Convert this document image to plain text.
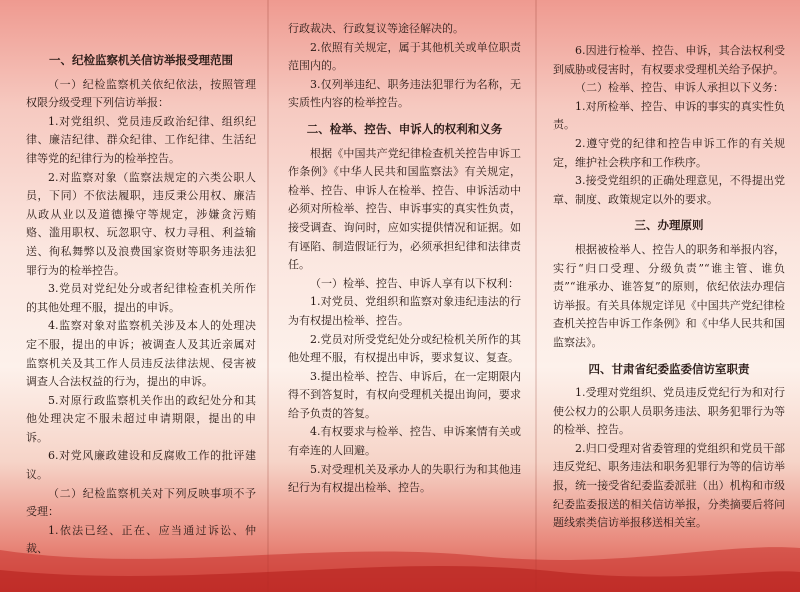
一、纪检监察机关信访举报受理范围

（一）纪检监察机关依纪依法，按照管理权限分级受理下列信访举报：

1.对党组织、党员违反政治纪律、组织纪律、廉洁纪律、群众纪律、工作纪律、生活纪律等党的纪律行为的检举控告。

2.对监察对象（监察法规定的六类公职人员，下同）不依法履职，违反秉公用权、廉洁从政从业以及道德操守等规定，涉嫌贪污贿赂、滥用职权、玩忽职守、权力寻租、利益输送、徇私舞弊以及浪费国家资财等职务违法犯罪行为的检举控告。

3.党员对党纪处分或者纪律检查机关所作的其他处理不服，提出的申诉。

4.监察对象对监察机关涉及本人的处理决定不服，提出的申诉；被调查人及其近亲属对监察机关及其工作人员违反法律法规、侵害被调查人合法权益的行为，提出的申诉。

5.对原行政监察机关作出的政纪处分和其他处理决定不服未超过申请期限，提出的申诉。

6.对党风廉政建设和反腐败工作的批评建议。

（二）纪检监察机关对下列反映事项不予受理：

1.依法已经、正在、应当通过诉讼、仲裁、

行政裁决、行政复议等途径解决的。

2.依照有关规定，属于其他机关或单位职责范围内的。

3.仅列举违纪、职务违法犯罪行为名称，无实质性内容的检举控告。

二、检举、控告、申诉人的权利和义务

根据《中国共产党纪律检查机关控告申诉工作条例》《中华人民共和国监察法》有关规定，检举、控告、申诉人在检举、控告、申诉活动中必须对所检举、控告、申诉事实的真实性负责，接受调查、询问时，应如实提供情况和证据。如有诬陷、制造假证行为，必须承担纪律和法律责任。

（一）检举、控告、申诉人享有以下权利：

1.对党员、党组织和监察对象违纪违法的行为有权提出检举、控告。

2.党员对所受党纪处分或纪检机关所作的其他处理不服，有权提出申诉，要求复议、复查。

3.提出检举、控告、申诉后，在一定期限内得不到答复时，有权向受理机关提出询问，要求给予负责的答复。

4.有权要求与检举、控告、申诉案情有关或有牵连的人回避。

5.对受理机关及承办人的失职行为和其他违纪行为有权提出检举、控告。

6.因进行检举、控告、申诉，其合法权利受到威胁或侵害时，有权要求受理机关给予保护。

（二）检举、控告、申诉人承担以下义务：

1.对所检举、控告、申诉的事实的真实性负责。

2.遵守党的纪律和控告申诉工作的有关规定，维护社会秩序和工作秩序。

3.接受党组织的正确处理意见，不得提出党章、制度、政策规定以外的要求。

三、办理原则

根据被检举人、控告人的职务和举报内容，实行“归口受理、分级负责”“谁主管、谁负责”“谁承办、谁答复”的原则，依纪依法办理信访举报。有关具体规定详见《中国共产党纪律检查机关控告申诉工作条例》和《中华人民共和国监察法》。

四、甘肃省纪委监委信访室职责

1.受理对党组织、党员违反党纪行为和对行使公权力的公职人员职务违法、职务犯罪行为等的检举、控告。

2.归口受理对省委管理的党组织和党员干部违反党纪、职务违法和职务犯罪行为等的信访举报，统一接受省纪委监委派驻（出）机构和市级纪委监委报送的相关信访举报，分类摘要后将问题线索类信访举报移送相关室。
